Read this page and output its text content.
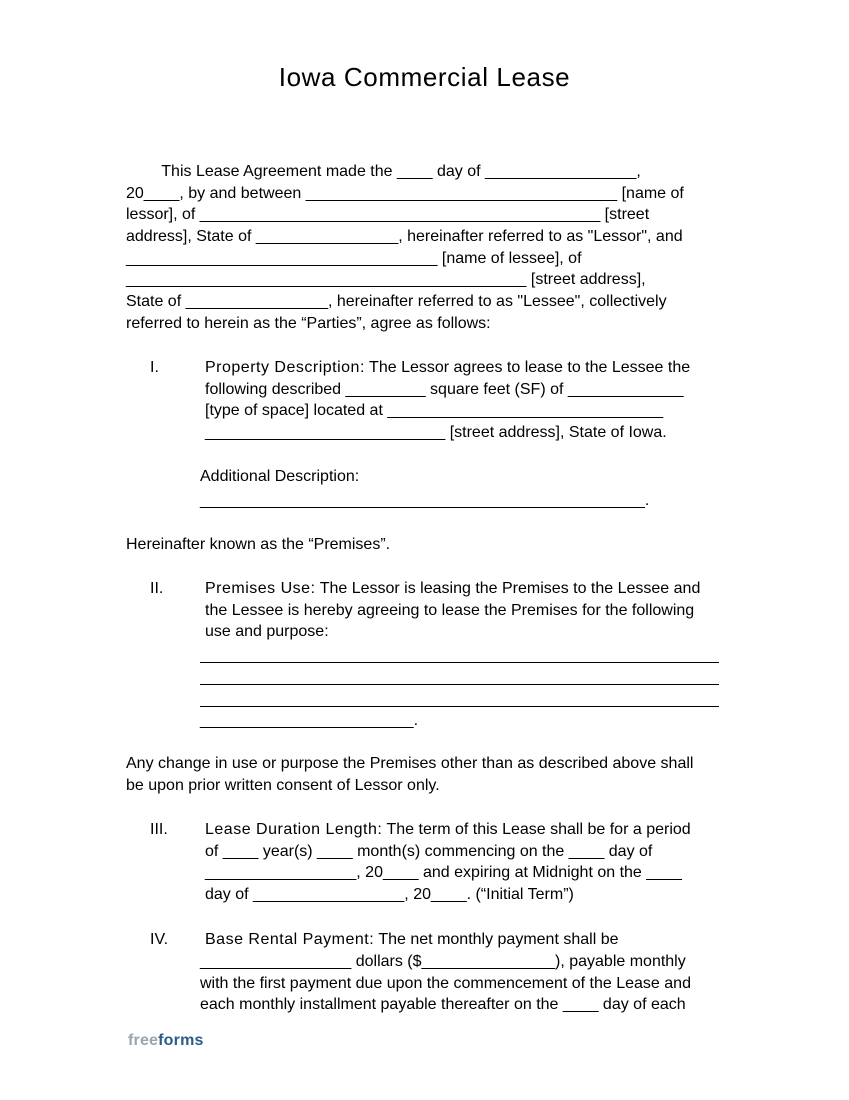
Iowa Commercial Lease
This Lease Agreement made the ____ day of _________________,
20____, by and between ___________________________________ [name of
lessor], of _____________________________________________ [street
address], State of ________________, hereinafter referred to as "Lessor", and
___________________________________ [name of lessee], of
_____________________________________________ [street address],
State of ________________, hereinafter referred to as "Lessee", collectively
referred to herein as the “Parties”, agree as follows:
I.	Property Description: The Lessor agrees to lease to the Lessee the
following described _________ square feet (SF) of _____________
[type of space] located at _______________________________
___________________________ [street address], State of Iowa.
Additional Description:
__________________________________________________.
Hereinafter known as the “Premises”.
II.	Premises Use: The Lessor is leasing the Premises to the Lessee and
the Lessee is hereby agreeing to lease the Premises for the following
use and purpose:
________________________.
Any change in use or purpose the Premises other than as described above shall
be upon prior written consent of Lessor only.
III. Lease Duration Length: The term of this Lease shall be for a period
of ____ year(s) ____ month(s) commencing on the ____ day of
_________________, 20____ and expiring at Midnight on the ____
day of _________________, 20____. (“Initial Term”)
IV. Base Rental Payment: The net monthly payment shall be
_________________ dollars ($_______________), payable monthly
with the first payment due upon the commencement of the Lease and
each monthly installment payable thereafter on the ____ day of each
freeforms
